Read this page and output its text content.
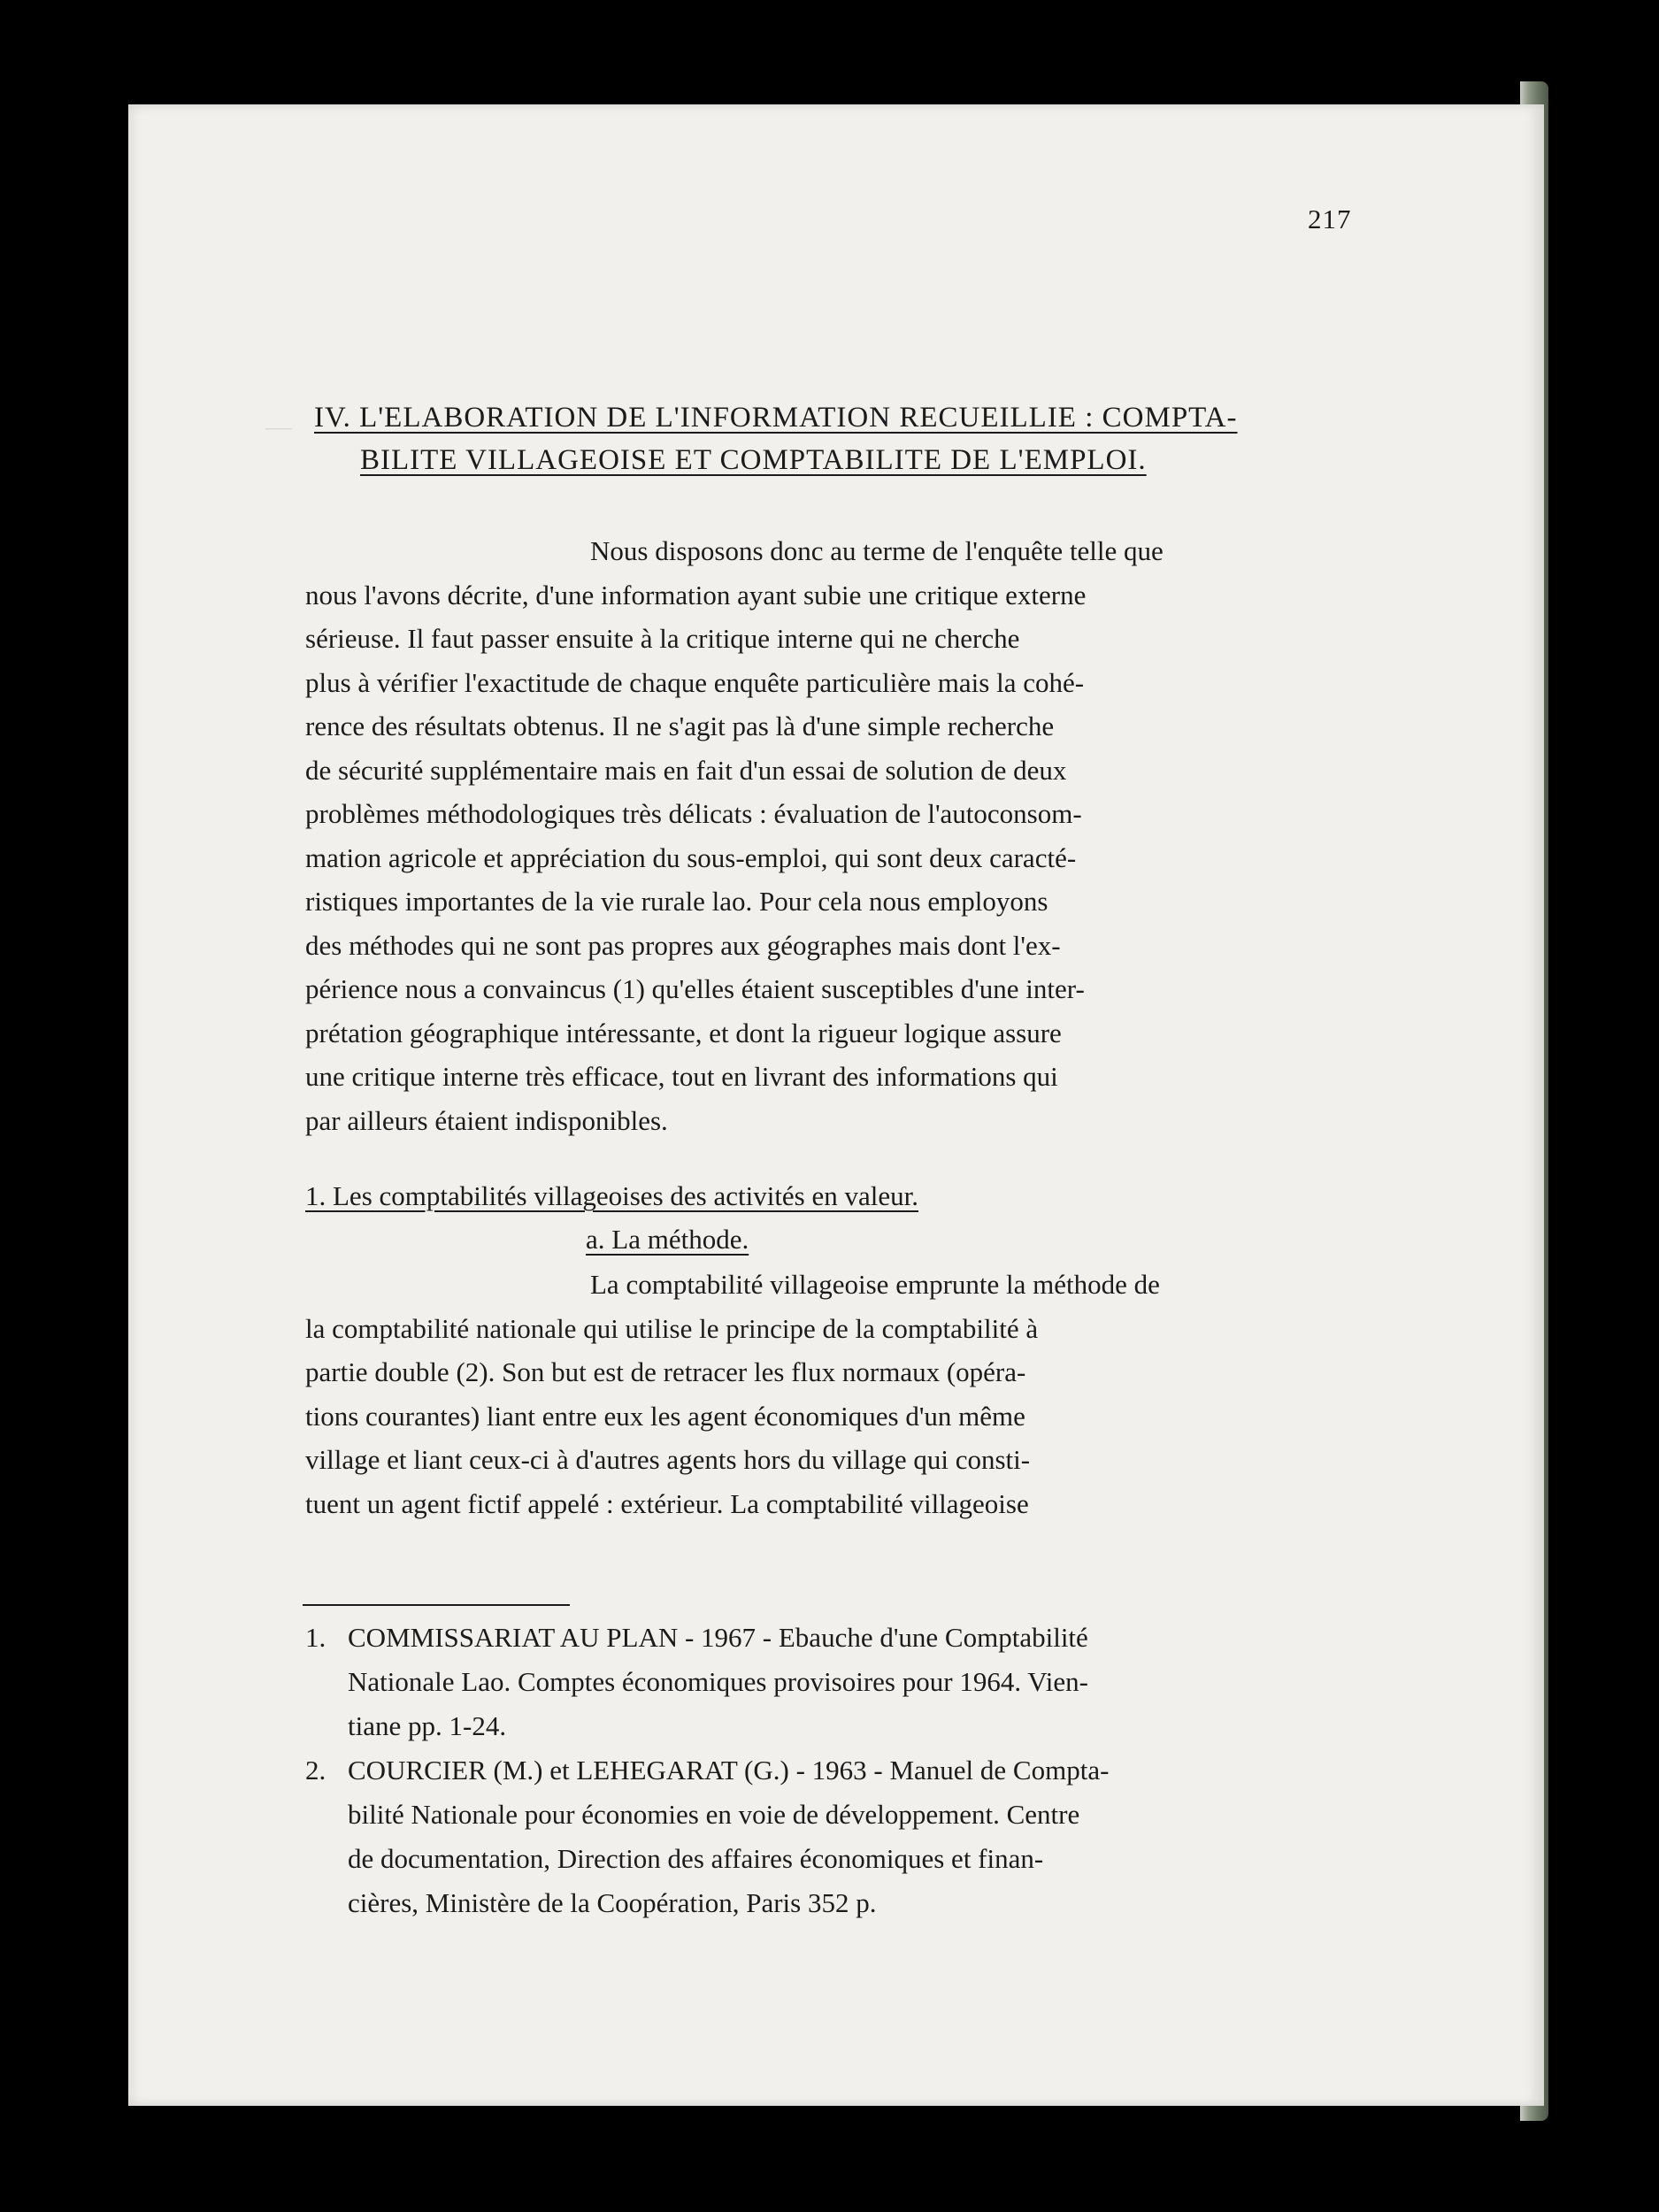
—
217
IV. L'ELABORATION DE L'INFORMATION RECUEILLIE : COMPTA-
BILITE VILLAGEOISE ET COMPTABILITE DE L'EMPLOI.
Nous disposons donc au terme de l'enquête telle que
nous l'avons décrite, d'une information ayant subie une critique externe
sérieuse. Il faut passer ensuite à la critique interne qui ne cherche
plus à vérifier l'exactitude de chaque enquête particulière mais la cohé-
rence des résultats obtenus. Il ne s'agit pas là d'une simple recherche
de sécurité supplémentaire mais en fait d'un essai de solution de deux
problèmes méthodologiques très délicats : évaluation de l'autoconsom-
mation agricole et appréciation du sous-emploi, qui sont deux caracté-
ristiques importantes de la vie rurale lao. Pour cela nous employons
des méthodes qui ne sont pas propres aux géographes mais dont l'ex-
périence nous a convaincus (1) qu'elles étaient susceptibles d'une inter-
prétation géographique intéressante, et dont la rigueur logique assure
une critique interne très efficace, tout en livrant des informations qui
par ailleurs étaient indisponibles.
1. Les comptabilités villageoises des activités en valeur.
a. La méthode.
La comptabilité villageoise emprunte la méthode de
la comptabilité nationale qui utilise le principe de la comptabilité à
partie double (2). Son but est de retracer les flux normaux (opéra-
tions courantes) liant entre eux les agent économiques d'un même
village et liant ceux-ci à d'autres agents hors du village qui consti-
tuent un agent fictif appelé : extérieur. La comptabilité villageoise
1. COMMISSARIAT AU PLAN - 1967 - Ebauche d'une Comptabilité
Nationale Lao. Comptes économiques provisoires pour 1964. Vien-
tiane pp. 1-24.
2. COURCIER (M.) et LEHEGARAT (G.) - 1963 - Manuel de Compta-
bilité Nationale pour économies en voie de développement. Centre
de documentation, Direction des affaires économiques et finan-
cières, Ministère de la Coopération, Paris 352 p.
